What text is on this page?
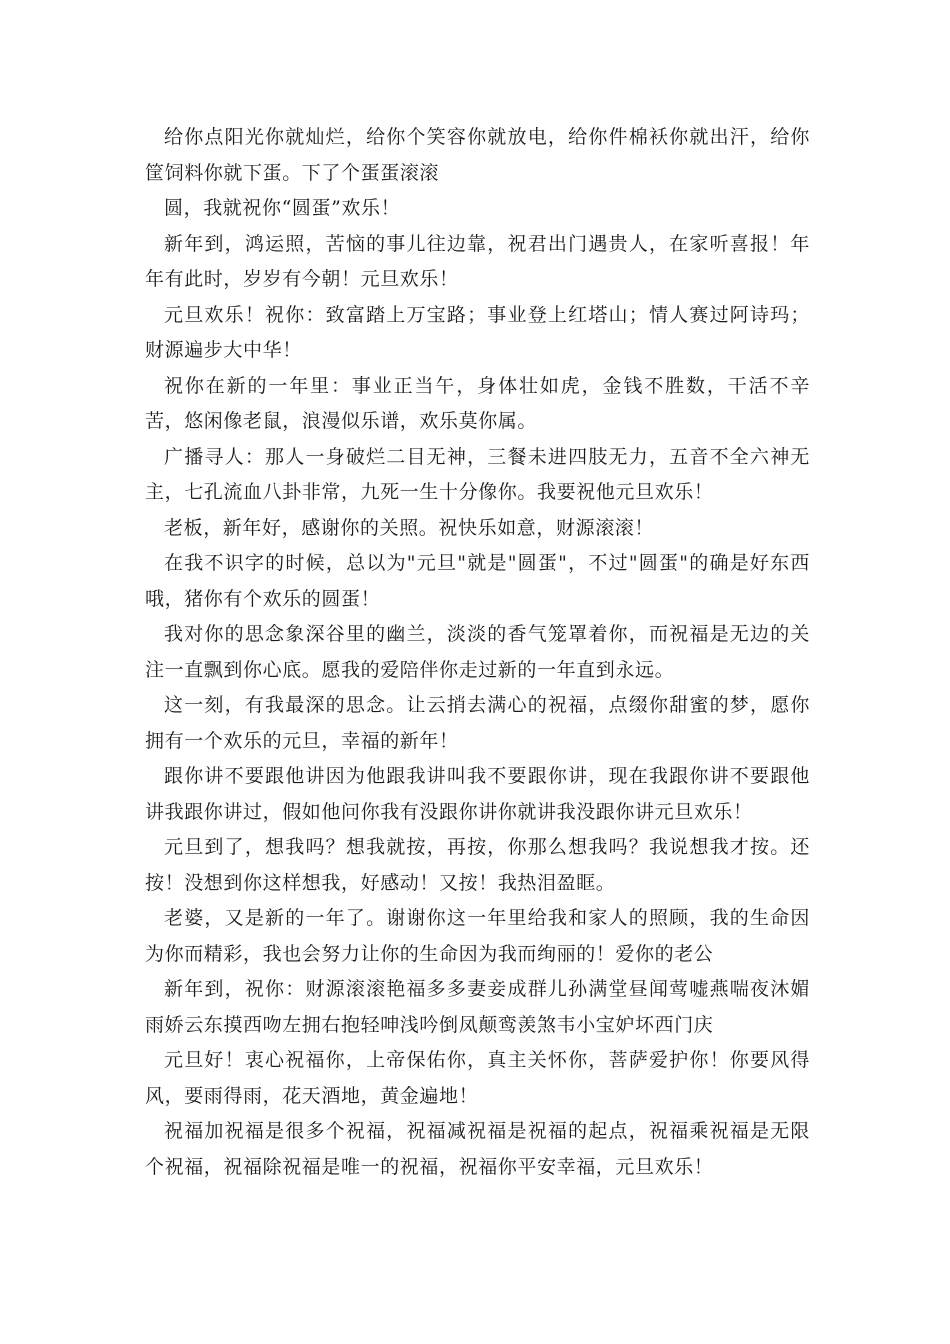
给你点阳光你就灿烂，给你个笑容你就放电，给你件棉袄你就出汗，给你筐饲料你就下蛋。下了个蛋蛋滚滚

圆，我就祝你“圆蛋”欢乐！

新年到，鸿运照，苦恼的事儿往边靠，祝君出门遇贵人，在家听喜报！年年有此时，岁岁有今朝！元旦欢乐！

元旦欢乐！祝你：致富踏上万宝路；事业登上红塔山；情人赛过阿诗玛；财源遍步大中华！

祝你在新的一年里：事业正当午，身体壮如虎，金钱不胜数，干活不辛苦，悠闲像老鼠，浪漫似乐谱，欢乐莫你属。

广播寻人：那人一身破烂二目无神，三餐未进四肢无力，五音不全六神无主，七孔流血八卦非常，九死一生十分像你。我要祝他元旦欢乐！

老板，新年好，感谢你的关照。祝快乐如意，财源滚滚！

在我不识字的时候，总以为"元旦"就是"圆蛋"，不过"圆蛋"的确是好东西哦，猪你有个欢乐的圆蛋！

我对你的思念象深谷里的幽兰，淡淡的香气笼罩着你，而祝福是无边的关注一直飘到你心底。愿我的爱陪伴你走过新的一年直到永远。

这一刻，有我最深的思念。让云捎去满心的祝福，点缀你甜蜜的梦，愿你拥有一个欢乐的元旦，幸福的新年！

跟你讲不要跟他讲因为他跟我讲叫我不要跟你讲，现在我跟你讲不要跟他讲我跟你讲过，假如他问你我有没跟你讲你就讲我没跟你讲元旦欢乐！

元旦到了，想我吗？想我就按，再按，你那么想我吗？我说想我才按。还按！没想到你这样想我，好感动！又按！我热泪盈眶。

老婆，又是新的一年了。谢谢你这一年里给我和家人的照顾，我的生命因为你而精彩，我也会努力让你的生命因为我而绚丽的！爱你的老公

新年到，祝你：财源滚滚艳福多多妻妾成群儿孙满堂昼闻莺嘘燕喘夜沐媚雨娇云东摸西吻左拥右抱轻呻浅吟倒凤颠鸾羡煞韦小宝妒坏西门庆

元旦好！衷心祝福你，上帝保佑你，真主关怀你，菩萨爱护你！你要风得风，要雨得雨，花天酒地，黄金遍地！

祝福加祝福是很多个祝福，祝福减祝福是祝福的起点，祝福乘祝福是无限个祝福，祝福除祝福是唯一的祝福，祝福你平安幸福，元旦欢乐！
